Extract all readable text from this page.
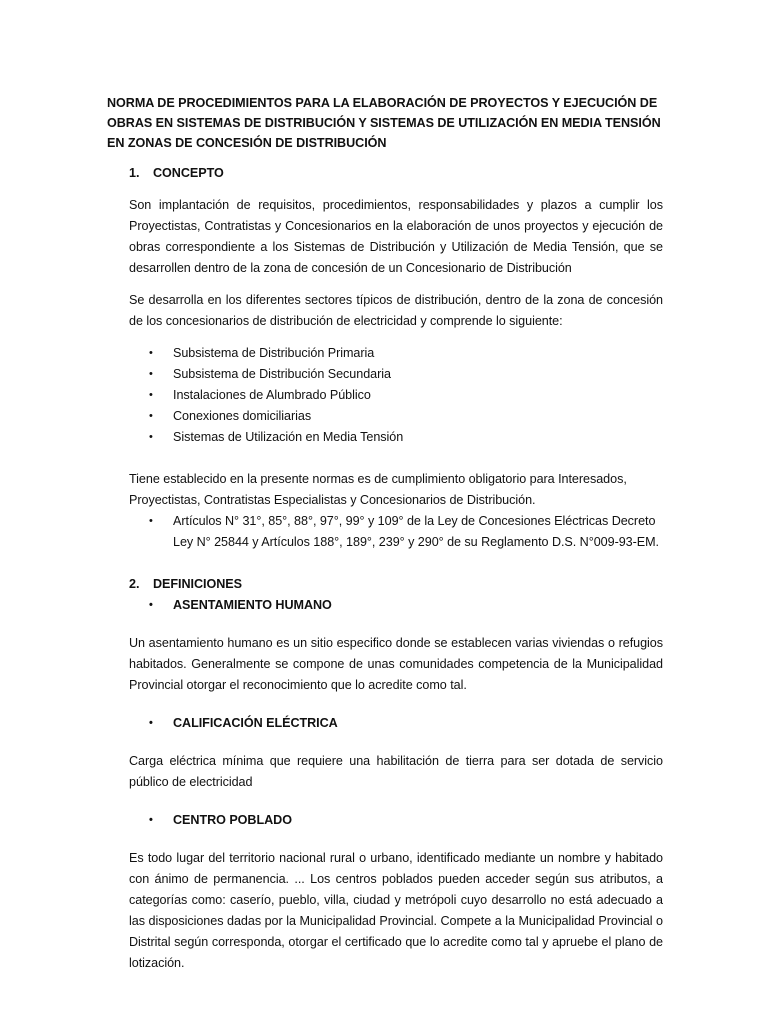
NORMA DE PROCEDIMIENTOS PARA LA ELABORACIÓN DE PROYECTOS Y EJECUCIÓN DE OBRAS EN SISTEMAS DE DISTRIBUCIÓN Y SISTEMAS DE UTILIZACIÓN EN MEDIA TENSIÓN EN ZONAS DE CONCESIÓN DE DISTRIBUCIÓN

1. CONCEPTO

Son implantación de requisitos, procedimientos, responsabilidades y plazos a cumplir los Proyectistas, Contratistas y Concesionarios en la elaboración de unos proyectos y ejecución de obras correspondiente a los Sistemas de Distribución y Utilización de Media Tensión, que se desarrollen dentro de la zona de concesión de un Concesionario de Distribución

Se desarrolla en los diferentes sectores típicos de distribución, dentro de la zona de concesión de los concesionarios de distribución de electricidad y comprende lo siguiente:

• Subsistema de Distribución Primaria
• Subsistema de Distribución Secundaria
• Instalaciones de Alumbrado Público
• Conexiones domiciliarias
• Sistemas de Utilización en Media Tensión

Tiene establecido en la presente normas es de cumplimiento obligatorio para Interesados, Proyectistas, Contratistas Especialistas y Concesionarios de Distribución.

• Artículos N° 31°, 85°, 88°, 97°, 99° y 109° de la Ley de Concesiones Eléctricas Decreto Ley N° 25844 y Artículos 188°, 189°, 239° y 290° de su Reglamento D.S. N°009-93-EM.
2. DEFINICIONES
• ASENTAMIENTO HUMANO

Un asentamiento humano es un sitio especifico donde se establecen varias viviendas o refugios habitados. Generalmente se compone de unas comunidades competencia de la Municipalidad Provincial otorgar el reconocimiento que lo acredite como tal.

• CALIFICACIÓN ELÉCTRICA

Carga eléctrica mínima que requiere una habilitación de tierra para ser dotada de servicio público de electricidad

• CENTRO POBLADO

Es todo lugar del territorio nacional rural o urbano, identificado mediante un nombre y habitado con ánimo de permanencia. ... Los centros poblados pueden acceder según sus atributos, a categorías como: caserío, pueblo, villa, ciudad y metrópoli cuyo desarrollo no está adecuado a las disposiciones dadas por la Municipalidad Provincial. Compete a la Municipalidad Provincial o Distrital según corresponda, otorgar el certificado que lo acredite como tal y apruebe el plano de lotización.
